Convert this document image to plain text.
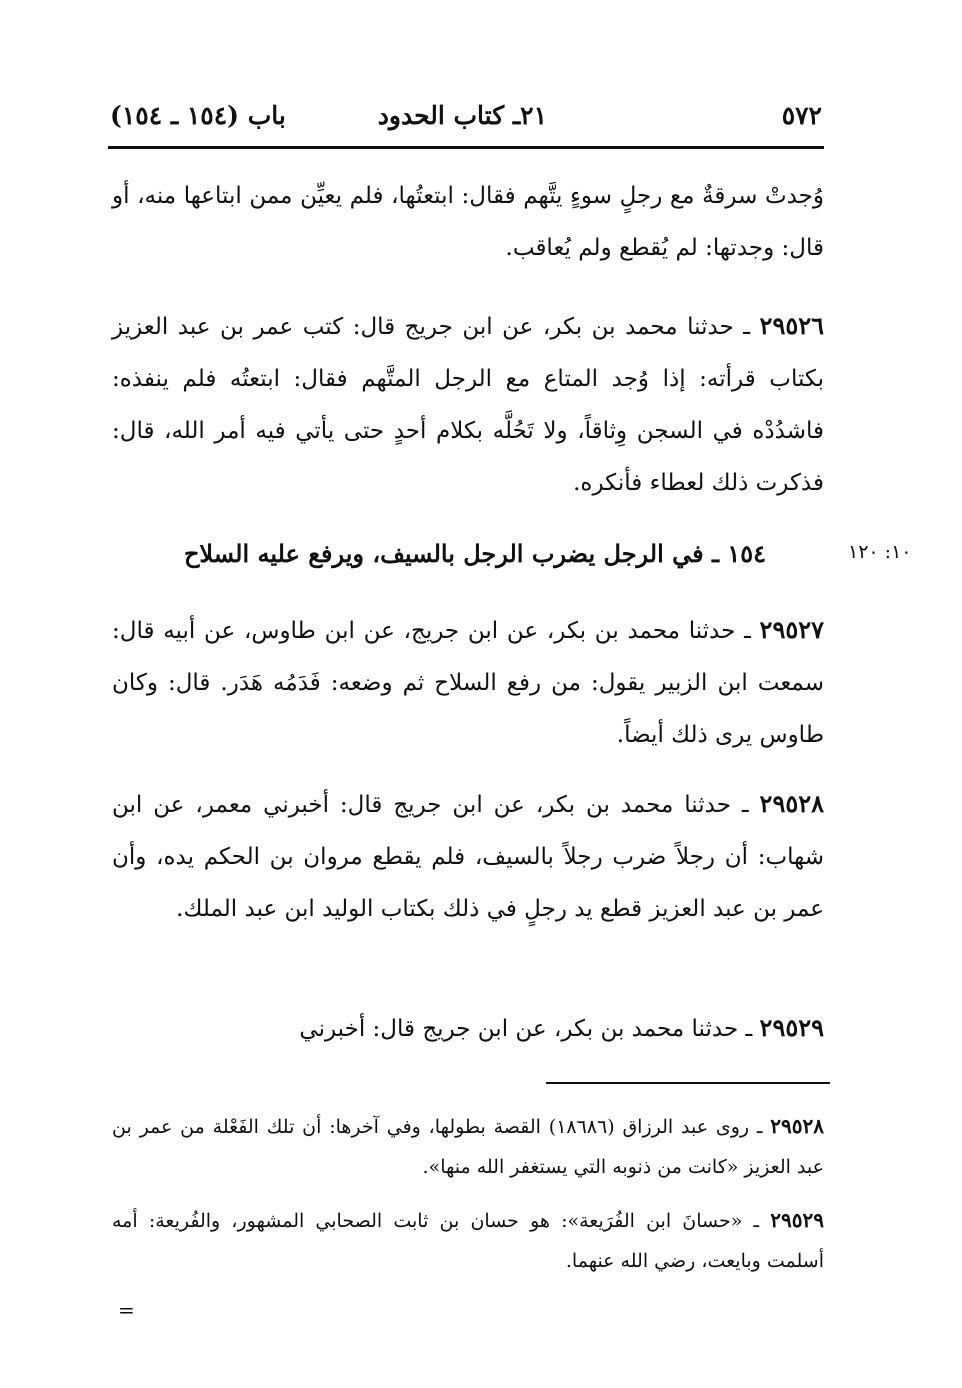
٥٧٢
٢١ـ كتاب الحدود
باب (١٥٤ ـ ١٥٤)

وُجدتْ سرقةٌ مع رجلٍ سوءٍ يتَّهم فقال: ابتعتُها، فلم يعيِّن ممن ابتاعها منه، أو قال: وجدتها: لم يُقطع ولم يُعاقب.

٢٩٥٢٦ ـ حدثنا محمد بن بكر، عن ابن جريج قال: كتب عمر بن عبد العزيز بكتاب قرأته: إذا وُجد المتاع مع الرجل المتَّهم فقال: ابتعتُه فلم ينفذه: فاشدُدْه في السجن وِثاقاً، ولا تَحُلَّه بكلام أحدٍ حتى يأتي فيه أمر الله، قال: فذكرت ذلك لعطاء فأنكره.

١٠: ١٢٠
١٥٤ ـ في الرجل يضرب الرجل بالسيف، ويرفع عليه السلاح

٢٩٥٢٧ ـ حدثنا محمد بن بكر، عن ابن جريج، عن ابن طاوس، عن أبيه قال: سمعت ابن الزبير يقول: من رفع السلاح ثم وضعه: فَدَمُه هَدَر. قال: وكان طاوس يرى ذلك أيضاً.

٢٩٥٢٨ ـ حدثنا محمد بن بكر، عن ابن جريج قال: أخبرني معمر، عن ابن شهاب: أن رجلاً ضرب رجلاً بالسيف، فلم يقطع مروان بن الحكم يده، وأن عمر بن عبد العزيز قطع يد رجلٍ في ذلك بكتاب الوليد ابن عبد الملك.

٢٩٥٢٩ ـ حدثنا محمد بن بكر، عن ابن جريج قال: أخبرني

٢٩٥٢٨ ـ روى عبد الرزاق (١٨٦٨٦) القصة بطولها، وفي آخرها: أن تلك الفَعْلة من عمر بن عبد العزيز «كانت من ذنوبه التي يستغفر الله منها».

٢٩٥٢٩ ـ «حسانَ ابن الفُرَيعة»: هو حسان بن ثابت الصحابي المشهور، والفُريعة: أمه أسلمت وبايعت، رضي الله عنهما.

=
